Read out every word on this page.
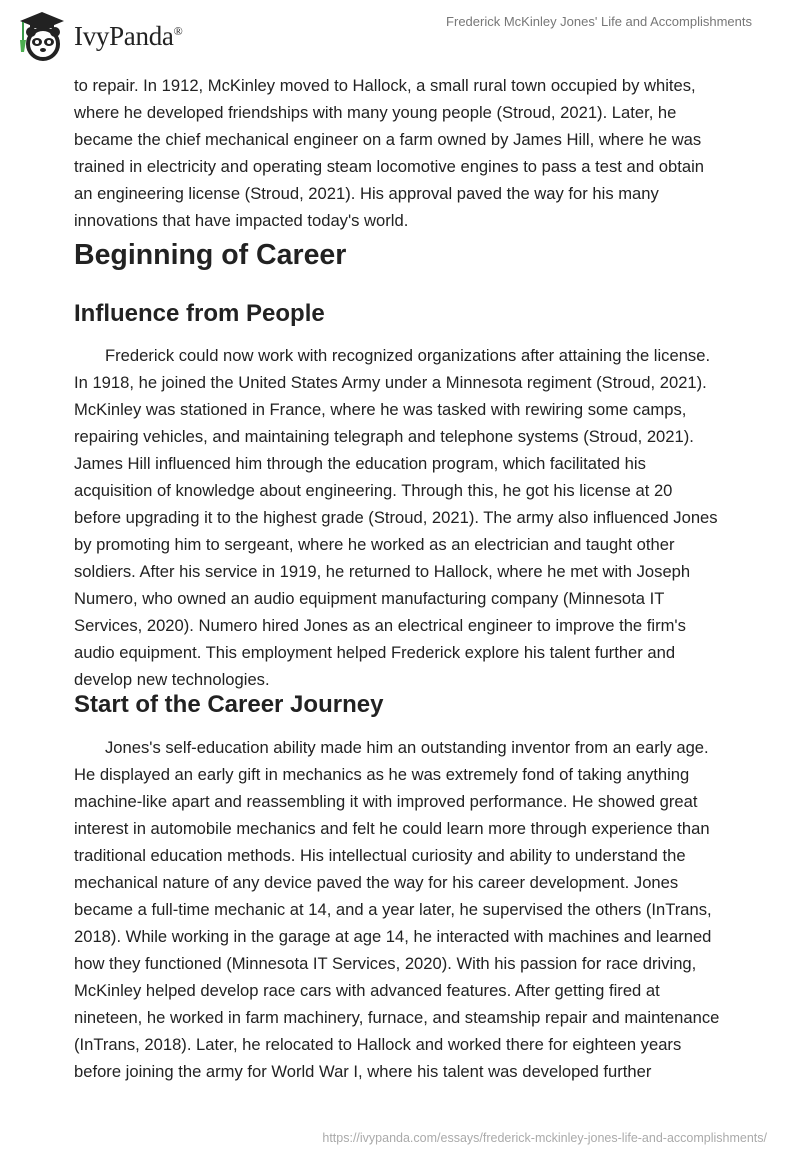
IvyPanda®
Frederick McKinley Jones' Life and Accomplishments
to repair. In 1912, McKinley moved to Hallock, a small rural town occupied by whites,
where he developed friendships with many young people (Stroud, 2021). Later, he
became the chief mechanical engineer on a farm owned by James Hill, where he was
trained in electricity and operating steam locomotive engines to pass a test and obtain
an engineering license (Stroud, 2021). His approval paved the way for his many
innovations that have impacted today's world.
Beginning of Career
Influence from People
Frederick could now work with recognized organizations after attaining the license.
In 1918, he joined the United States Army under a Minnesota regiment (Stroud, 2021).
McKinley was stationed in France, where he was tasked with rewiring some camps,
repairing vehicles, and maintaining telegraph and telephone systems (Stroud, 2021).
James Hill influenced him through the education program, which facilitated his
acquisition of knowledge about engineering. Through this, he got his license at 20
before upgrading it to the highest grade (Stroud, 2021). The army also influenced Jones
by promoting him to sergeant, where he worked as an electrician and taught other
soldiers. After his service in 1919, he returned to Hallock, where he met with Joseph
Numero, who owned an audio equipment manufacturing company (Minnesota IT
Services, 2020). Numero hired Jones as an electrical engineer to improve the firm's
audio equipment. This employment helped Frederick explore his talent further and
develop new technologies.
Start of the Career Journey
Jones's self-education ability made him an outstanding inventor from an early age.
He displayed an early gift in mechanics as he was extremely fond of taking anything
machine-like apart and reassembling it with improved performance. He showed great
interest in automobile mechanics and felt he could learn more through experience than
traditional education methods. His intellectual curiosity and ability to understand the
mechanical nature of any device paved the way for his career development. Jones
became a full-time mechanic at 14, and a year later, he supervised the others (InTrans,
2018). While working in the garage at age 14, he interacted with machines and learned
how they functioned (Minnesota IT Services, 2020). With his passion for race driving,
McKinley helped develop race cars with advanced features. After getting fired at
nineteen, he worked in farm machinery, furnace, and steamship repair and maintenance
(InTrans, 2018). Later, he relocated to Hallock and worked there for eighteen years
before joining the army for World War I, where his talent was developed further
https://ivypanda.com/essays/frederick-mckinley-jones-life-and-accomplishments/
